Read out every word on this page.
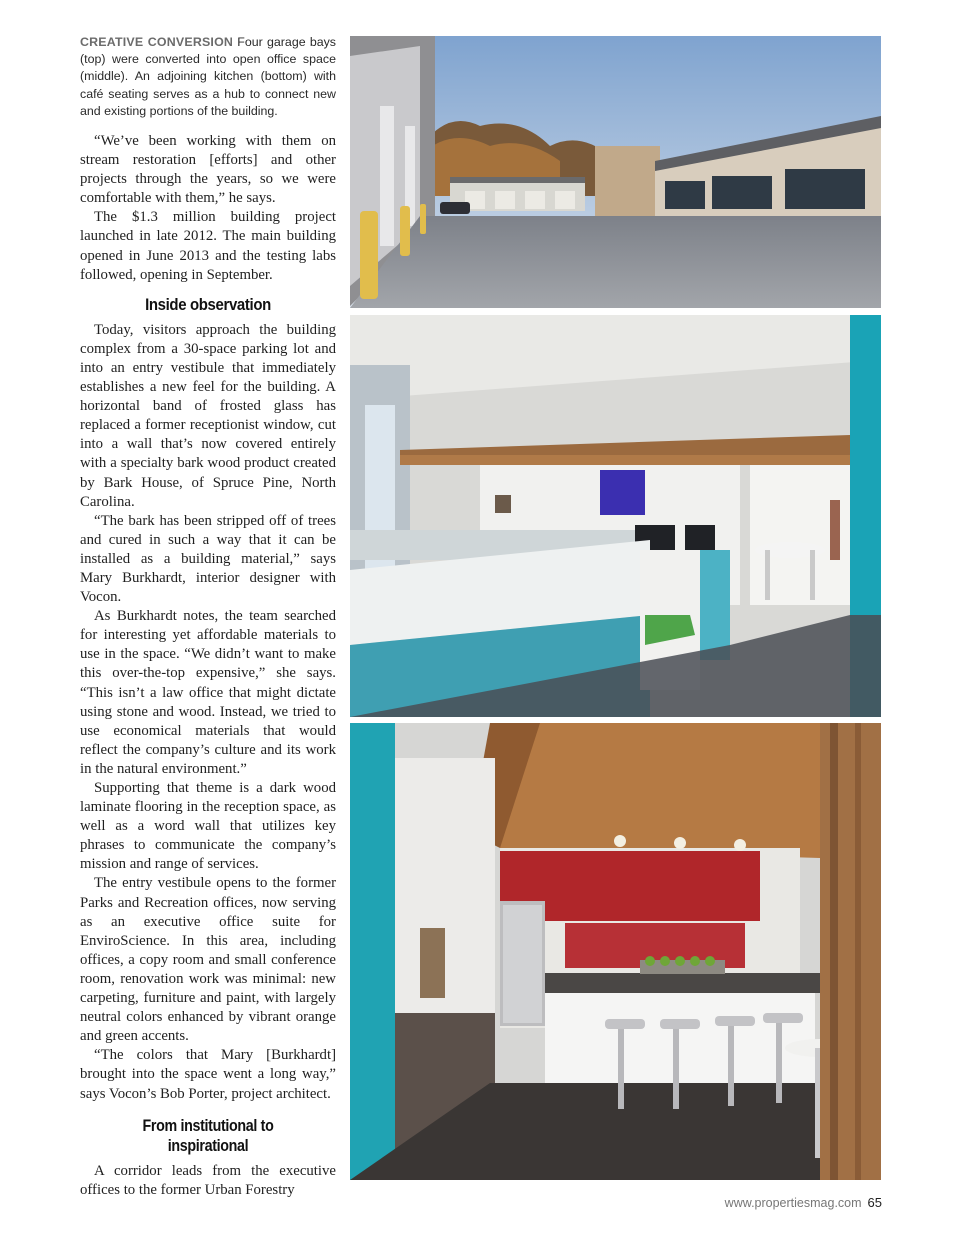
CREATIVE CONVERSION Four garage bays (top) were converted into open office space (middle). An adjoining kitchen (bottom) with café seating serves as a hub to connect new and existing portions of the building.

“We’ve been working with them on stream restoration [efforts] and other projects through the years, so we were comfortable with them,” he says.

The $1.3 million building project launched in late 2012. The main building opened in June 2013 and the testing labs followed, opening in September.

Inside observation

Today, visitors approach the building complex from a 30-space parking lot and into an entry vestibule that immediately establishes a new feel for the building. A horizontal band of frosted glass has replaced a former receptionist window, cut into a wall that’s now covered entirely with a specialty bark wood product created by Bark House, of Spruce Pine, North Carolina.

“The bark has been stripped off of trees and cured in such a way that it can be installed as a building material,” says Mary Burkhardt, interior designer with Vocon.

As Burkhardt notes, the team searched for interesting yet affordable materials to use in the space. “We didn’t want to make this over-the-top expensive,” she says. “This isn’t a law office that might dictate using stone and wood. Instead, we tried to use economical materials that would reflect the company’s culture and its work in the natural environment.”

Supporting that theme is a dark wood laminate flooring in the reception space, as well as a word wall that utilizes key phrases to communicate the company’s mission and range of services.

The entry vestibule opens to the former Parks and Recreation offices, now serving as an executive office suite for EnviroScience. In this area, including offices, a copy room and small conference room, renovation work was minimal: new carpeting, furniture and paint, with largely neutral colors enhanced by vibrant orange and green accents.

“The colors that Mary [Burkhardt] brought into the space went a long way,” says Vocon’s Bob Porter, project architect.

From institutional to inspirational

A corridor leads from the executive offices to the former Urban Forestry

www.propertiesmag.com 65
